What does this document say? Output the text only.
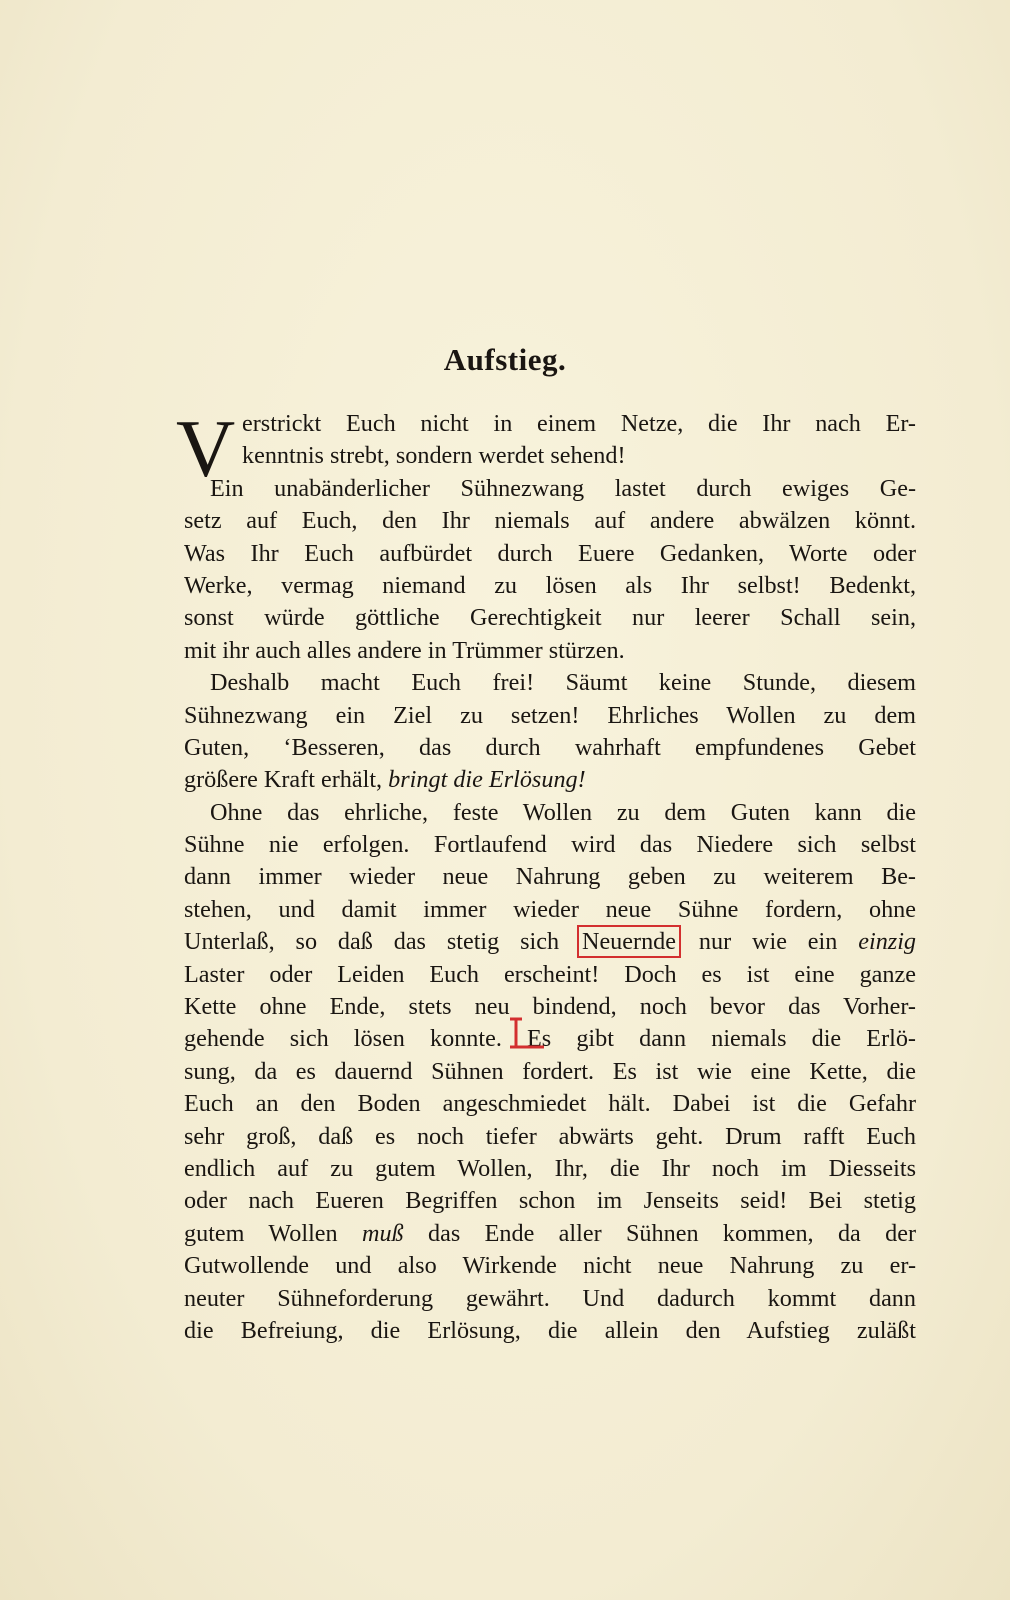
Aufstieg.
V erstrickt Euch nicht in einem Netze, die Ihr nach Er-
kenntnis strebt, sondern werdet sehend!
Ein unabänderlicher Sühnezwang lastet durch ewiges Ge-
setz auf Euch, den Ihr niemals auf andere abwälzen könnt.
Was Ihr Euch aufbürdet durch Euere Gedanken, Worte oder
Werke, vermag niemand zu lösen als Ihr selbst! Bedenkt,
sonst würde göttliche Gerechtigkeit nur leerer Schall sein,
mit ihr auch alles andere in Trümmer stürzen.
Deshalb macht Euch frei! Säumt keine Stunde, diesem
Sühnezwang ein Ziel zu setzen! Ehrliches Wollen zu dem
Guten, ʻBesseren, das durch wahrhaft empfundenes Gebet
größere Kraft erhält, bringt die Erlösung!
Ohne das ehrliche, feste Wollen zu dem Guten kann die
Sühne nie erfolgen. Fortlaufend wird das Niedere sich selbst
dann immer wieder neue Nahrung geben zu weiterem Be-
stehen, und damit immer wieder neue Sühne fordern, ohne
Unterlaß, so daß das stetig sich Neuernde nur wie ein einzig
Laster oder Leiden Euch erscheint! Doch es ist eine ganze
Kette ohne Ende, stets neu bindend, noch bevor das Vorher-
gehende sich lösen konnte. Es gibt dann niemals die Erlö-
sung, da es dauernd Sühnen fordert. Es ist wie eine Kette, die
Euch an den Boden angeschmiedet hält. Dabei ist die Gefahr
sehr groß, daß es noch tiefer abwärts geht. Drum rafft Euch
endlich auf zu gutem Wollen, Ihr, die Ihr noch im Diesseits
oder nach Eueren Begriffen schon im Jenseits seid! Bei stetig
gutem Wollen muß das Ende aller Sühnen kommen, da der
Gutwollende und also Wirkende nicht neue Nahrung zu er-
neuter Sühneforderung gewährt. Und dadurch kommt dann
die Befreiung, die Erlösung, die allein den Aufstieg zuläßt
